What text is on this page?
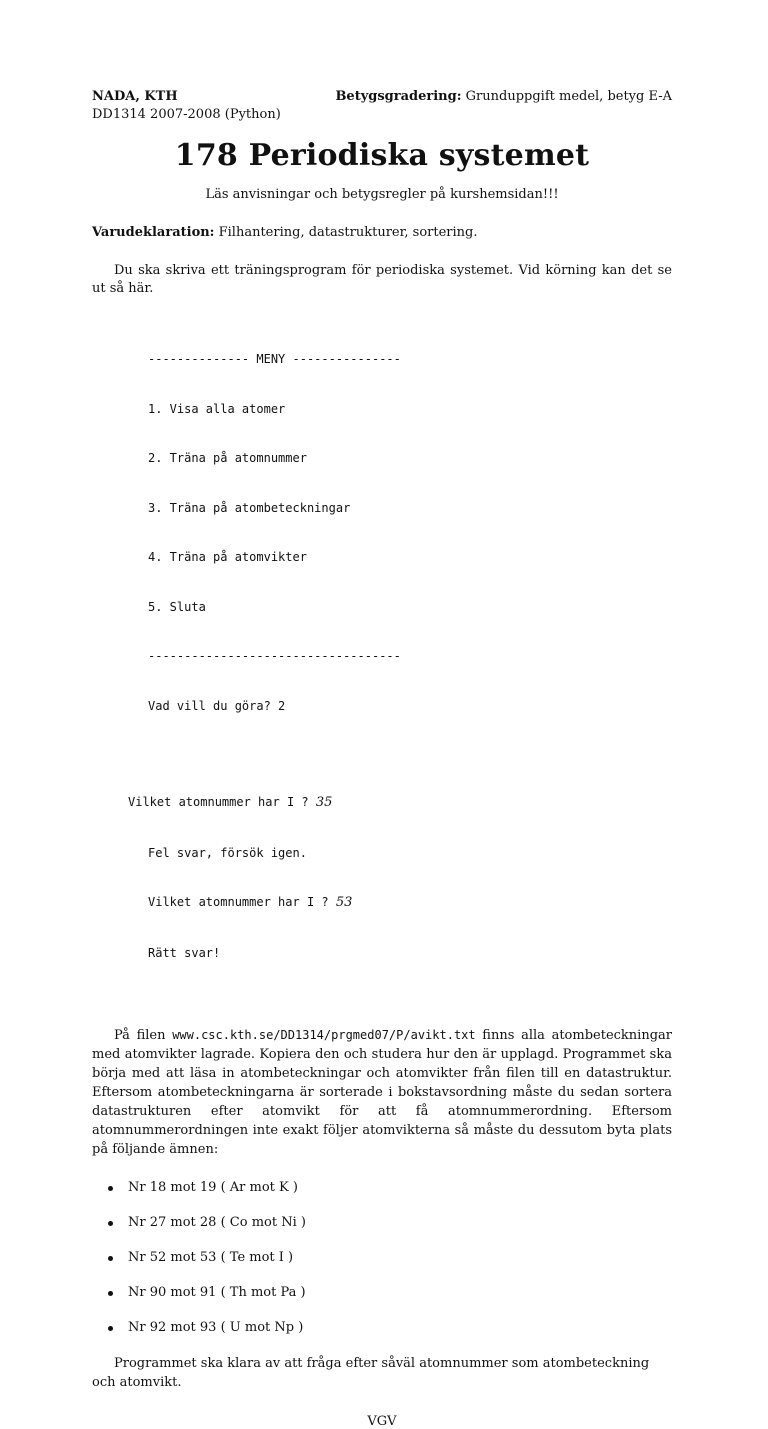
NADA, KTH	Betygsgradering: Grunduppgift medel, betyg E-A
DD1314 2007-2008 (Python)
178 Periodiska systemet
Läs anvisningar och betygsregler på kurshemsidan!!!
Varudeklaration: Filhantering, datastrukturer, sortering.
Du ska skriva ett träningsprogram för periodiska systemet. Vid körning kan det se ut så här.

-------------- MENY ---------------

1. Visa alla atomer

2. Träna på atomnummer

3. Träna på atombeteckningar

4. Träna på atomvikter

5. Sluta

-----------------------------------

Vad vill du göra? 2

Vilket atomnummer har I ? 35

Fel svar, försök igen.

Vilket atomnummer har I ? 53

Rätt svar!

På filen www.csc.kth.se/DD1314/prgmed07/P/avikt.txt finns alla atombeteckningar med atomvikter lagrade. Kopiera den och studera hur den är upplagd. Programmet ska börja med att läsa in atombeteckningar och atomvikter från filen till en datastruktur. Eftersom atombeteckningarna är sorterade i bokstavsordning måste du sedan sortera datastrukturen efter atomvikt för att få atomnummerordning. Eftersom atomnummerordningen inte exakt följer atomvikterna så måste du dessutom byta plats på följande ämnen:
Nr 18 mot 19 ( Ar mot K )
Nr 27 mot 28 ( Co mot Ni )
Nr 52 mot 53 ( Te mot I )
Nr 90 mot 91 ( Th mot Pa )
Nr 92 mot 93 ( U mot Np )
Programmet ska klara av att fråga efter såväl atomnummer som atombeteckning och atomvikt.
VGV
